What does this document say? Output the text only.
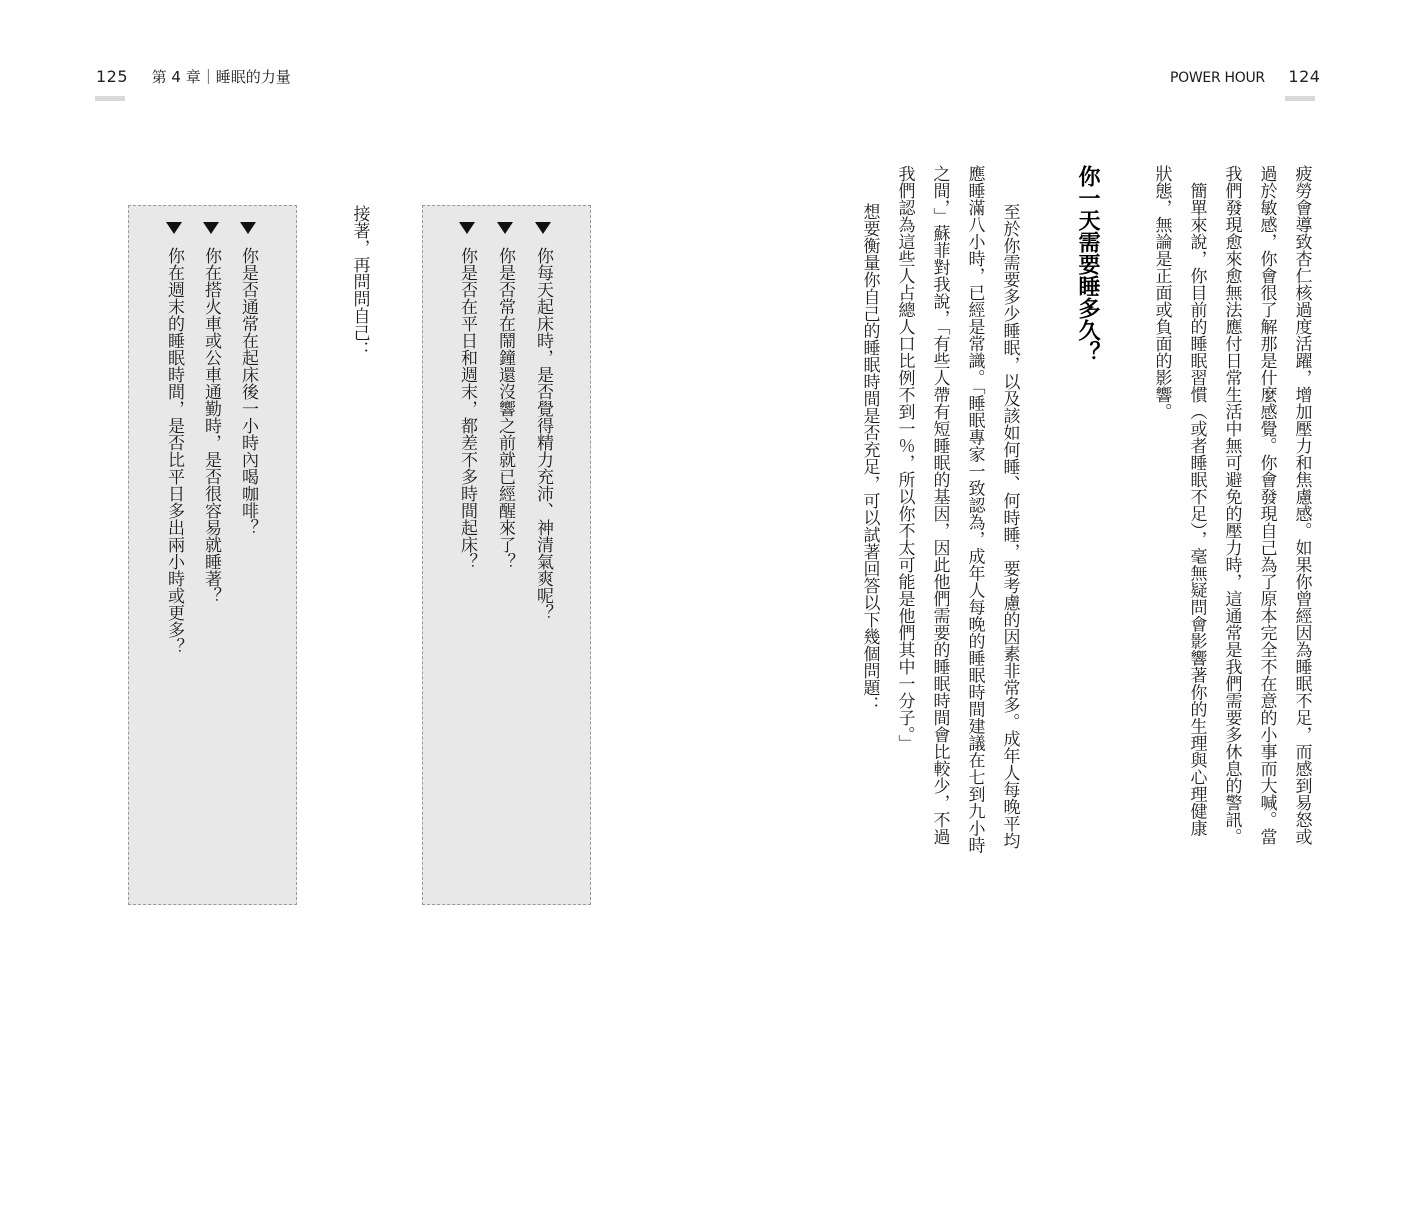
125 第 4 章｜睡眠的力量	POWER HOUR 124
疲勞會導致杏仁核過度活躍，增加壓力和焦慮感。如果你曾經因為睡眠不足，而感到易怒或
過於敏感，你會很了解那是什麼感覺。你會發現自己為了原本完全不在意的小事而大喊。當
我們發現愈來愈無法應付日常生活中無可避免的壓力時，這通常是我們需要多休息的警訊。
　簡單來說，你目前的睡眠習慣（或者睡眠不足），毫無疑問會影響著你的生理與心理健康
狀態，無論是正面或負面的影響。
你一天需要睡多久？
　至於你需要多少睡眠，以及該如何睡、何時睡，要考慮的因素非常多。成年人每晚平均
應睡滿八小時，已經是常識。「睡眠專家一致認為，成年人每晚的睡眠時間建議在七到九小時
之間，」蘇菲對我說，「有些人帶有短睡眠的基因，因此他們需要的睡眠時間會比較少，不過
我們認為這些人占總人口比例不到一％，所以你不太可能是他們其中一分子。」
　想要衡量你自己的睡眠時間是否充足，可以試著回答以下幾個問題：
你每天起床時，是否覺得精力充沛、神清氣爽呢？
你是否常在鬧鐘還沒響之前就已經醒來了？
你是否在平日和週末，都差不多時間起床？
接著，再問問自己：
你是否通常在起床後一小時內喝咖啡？
你在搭火車或公車通勤時，是否很容易就睡著？
你在週末的睡眠時間，是否比平日多出兩小時或更多？
